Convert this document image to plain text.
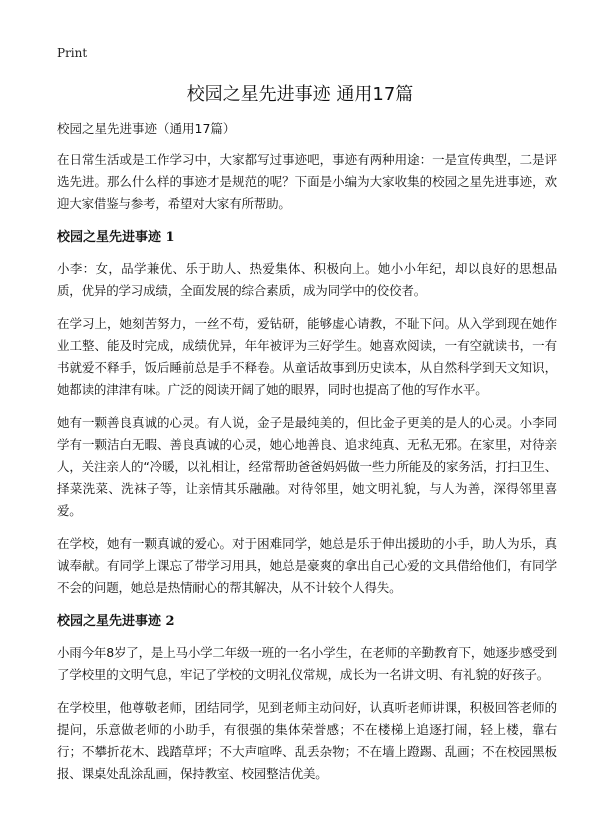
Print
校园之星先进事迹 通用17篇
校园之星先进事迹（通用17篇）

在日常生活或是工作学习中，大家都写过事迹吧，事迹有两种用途：一是宣传典型，二是评选先进。那么什么样的事迹才是规范的呢？下面是小编为大家收集的校园之星先进事迹，欢迎大家借鉴与参考，希望对大家有所帮助。

校园之星先进事迹 1

小李：女，品学兼优、乐于助人、热爱集体、积极向上。她小小年纪，却以良好的思想品质，优异的学习成绩，全面发展的综合素质，成为同学中的佼佼者。

在学习上，她刻苦努力，一丝不苟，爱钻研，能够虚心请教，不耻下问。从入学到现在她作业工整、能及时完成，成绩优异，年年被评为三好学生。她喜欢阅读，一有空就读书，一有书就爱不释手，饭后睡前总是手不释卷。从童话故事到历史读本，从自然科学到天文知识，她都读的津津有味。广泛的阅读开阔了她的眼界，同时也提高了他的写作水平。

她有一颗善良真诚的心灵。有人说，金子是最纯美的，但比金子更美的是人的心灵。小李同学有一颗洁白无暇、善良真诚的心灵，她心地善良、追求纯真、无私无邪。在家里，对待亲人，关注亲人的“冷暖，以礼相让，经常帮助爸爸妈妈做一些力所能及的家务活，打扫卫生、择菜洗菜、洗袜子等，让亲情其乐融融。对待邻里，她文明礼貌，与人为善，深得邻里喜爱。

在学校，她有一颗真诚的爱心。对于困难同学，她总是乐于伸出援助的小手，助人为乐，真诚奉献。有同学上课忘了带学习用具，她总是豪爽的拿出自己心爱的文具借给他们，有同学不会的问题，她总是热情耐心的帮其解决，从不计较个人得失。

校园之星先进事迹 2

小雨今年8岁了，是上马小学二年级一班的一名小学生，在老师的辛勤教育下，她逐步感受到了学校里的文明气息，牢记了学校的文明礼仪常规，成长为一名讲文明、有礼貌的好孩子。

在学校里，他尊敬老师，团结同学，见到老师主动问好，认真听老师讲课，积极回答老师的提问，乐意做老师的小助手，有很强的集体荣誉感；不在楼梯上追逐打闹，轻上楼，靠右行；不攀折花木、践踏草坪；不大声喧哗、乱丢杂物；不在墙上蹬踢、乱画；不在校园黑板报、课桌处乱涂乱画，保持教室、校园整洁优美。
